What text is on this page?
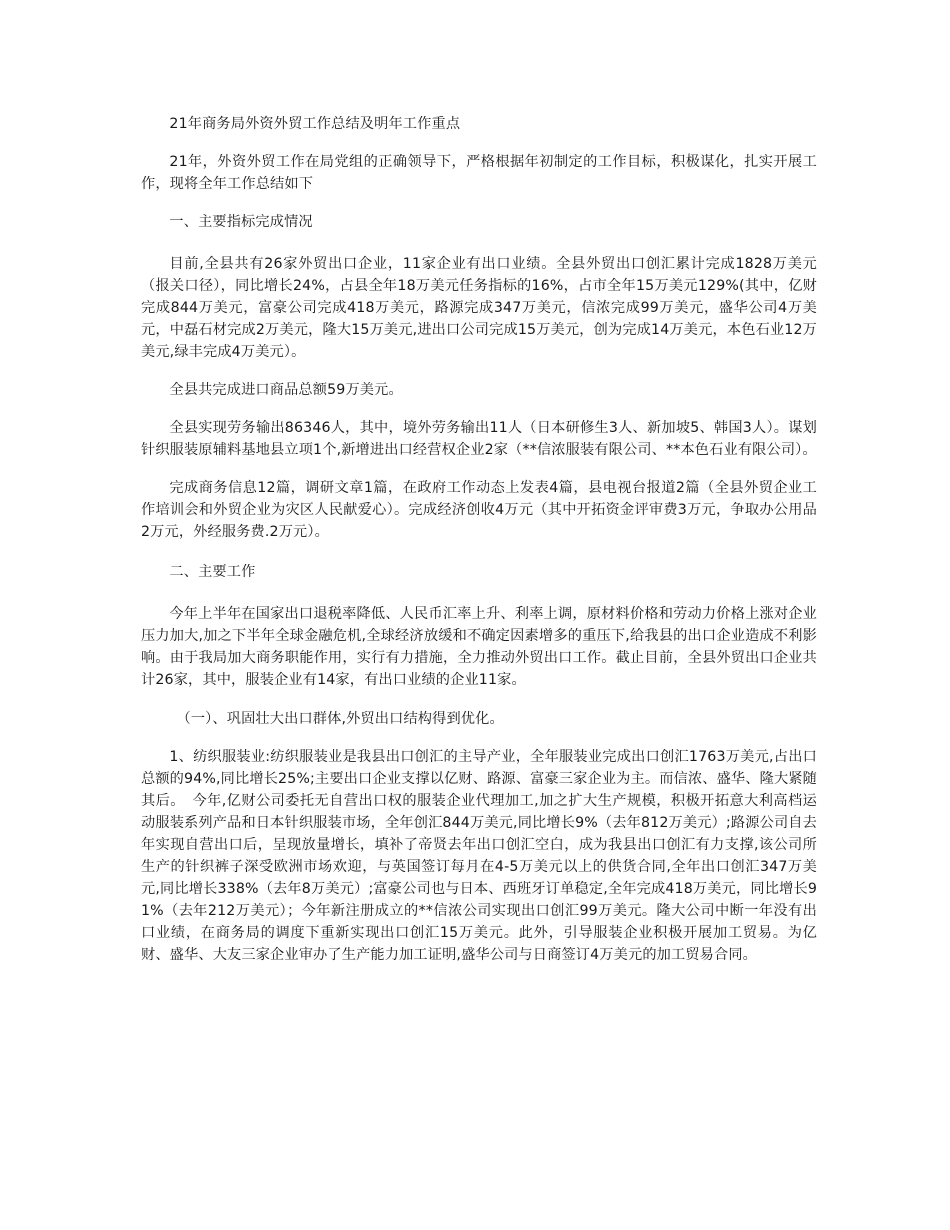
21年商务局外资外贸工作总结及明年工作重点

21年，外资外贸工作在局党组的正确领导下，严格根据年初制定的工作目标，积极谋化，扎实开展工作，现将全年工作总结如下

一、主要指标完成情况

目前,全县共有26家外贸出口企业，11家企业有出口业绩。全县外贸出口创汇累计完成1828万美元（报关口径），同比增长24%，占县全年18万美元任务指标的16%，占市全年15万美元129%(其中，亿财完成844万美元，富豪公司完成418万美元，路源完成347万美元，信浓完成99万美元，盛华公司4万美元，中磊石材完成2万美元，隆大15万美元,进出口公司完成15万美元，创为完成14万美元，本色石业12万美元,绿丰完成4万美元）。

全县共完成进口商品总额59万美元。

全县实现劳务输出86346人，其中，境外劳务输出11人（日本研修生3人、新加坡5、韩国3人）。谋划针织服装原辅料基地县立项1个,新增进出口经营权企业2家（**信浓服装有限公司、**本色石业有限公司）。

完成商务信息12篇，调研文章1篇，在政府工作动态上发表4篇，县电视台报道2篇（全县外贸企业工作培训会和外贸企业为灾区人民献爱心）。完成经济创收4万元（其中开拓资金评审费3万元，争取办公用品2万元，外经服务费.2万元）。

二、主要工作

今年上半年在国家出口退税率降低、人民币汇率上升、利率上调，原材料价格和劳动力价格上涨对企业压力加大,加之下半年全球金融危机,全球经济放缓和不确定因素增多的重压下,给我县的出口企业造成不利影响。由于我局加大商务职能作用，实行有力措施，全力推动外贸出口工作。截止目前，全县外贸出口企业共计26家，其中，服装企业有14家，有出口业绩的企业11家。

（一）、巩固壮大出口群体,外贸出口结构得到优化。

1、纺织服装业:纺织服装业是我县出口创汇的主导产业，全年服装业完成出口创汇1763万美元,占出口总额的94%,同比增长25%;主要出口企业支撑以亿财、路源、富豪三家企业为主。而信浓、盛华、隆大紧随其后。　今年,亿财公司委托无自营出口权的服装企业代理加工,加之扩大生产规模，积极开拓意大利高档运动服装系列产品和日本针织服装市场，全年创汇844万美元,同比增长9%（去年812万美元）;路源公司自去年实现自营出口后，呈现放量增长，填补了帝贤去年出口创汇空白，成为我县出口创汇有力支撑,该公司所生产的针织裤子深受欧洲市场欢迎，与英国签订每月在4-5万美元以上的供货合同,全年出口创汇347万美元,同比增长338%（去年8万美元）;富豪公司也与日本、西班牙订单稳定,全年完成418万美元，同比增长91%（去年212万美元）；今年新注册成立的**信浓公司实现出口创汇99万美元。隆大公司中断一年没有出口业绩，在商务局的调度下重新实现出口创汇15万美元。此外，引导服装企业积极开展加工贸易。为亿财、盛华、大友三家企业审办了生产能力加工证明,盛华公司与日商签订4万美元的加工贸易合同。
